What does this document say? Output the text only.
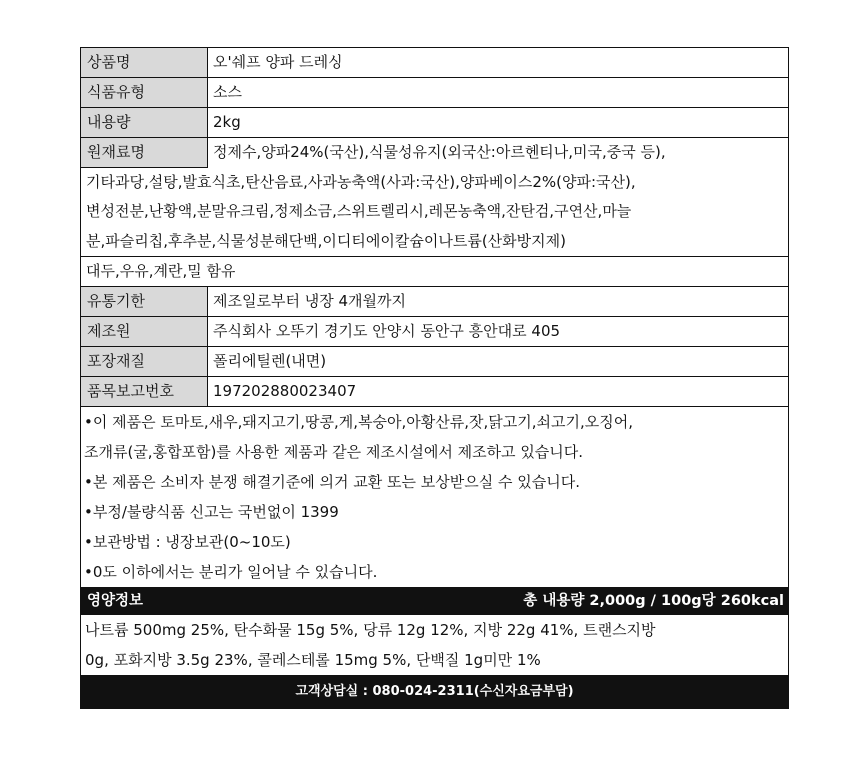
상품명	오'쉐프 양파 드레싱
식품유형	소스
내용량	2kg
원재료명	정제수,양파24%(국산),식물성유지(외국산:아르헨티나,미국,중국 등),
기타과당,설탕,발효식초,탄산음료,사과농축액(사과:국산),양파베이스2%(양파:국산),
변성전분,난황액,분말유크림,정제소금,스위트렐리시,레몬농축액,잔탄검,구연산,마늘
분,파슬리칩,후추분,식물성분해단백,이디티에이칼슘이나트륨(산화방지제)
대두,우유,계란,밀 함유
유통기한	제조일로부터 냉장 4개월까지
제조원	주식회사 오뚜기 경기도 안양시 동안구 흥안대로 405
포장재질	폴리에틸렌(내면)
품목보고번호	197202880023407
•이 제품은 토마토,새우,돼지고기,땅콩,게,복숭아,아황산류,잣,닭고기,쇠고기,오징어,
조개류(굴,홍합포함)를 사용한 제품과 같은 제조시설에서 제조하고 있습니다.
•본 제품은 소비자 분쟁 해결기준에 의거 교환 또는 보상받으실 수 있습니다.
•부정/불량식품 신고는 국번없이 1399
•보관방법 : 냉장보관(0~10도)
•0도 이하에서는 분리가 일어날 수 있습니다.
영양정보	총 내용량 2,000g / 100g당 260kcal
나트륨 500mg 25%, 탄수화물 15g 5%, 당류 12g 12%, 지방 22g 41%, 트랜스지방
0g, 포화지방 3.5g 23%, 콜레스테롤 15mg 5%, 단백질 1g미만 1%
고객상담실 : 080-024-2311(수신자요금부담)
